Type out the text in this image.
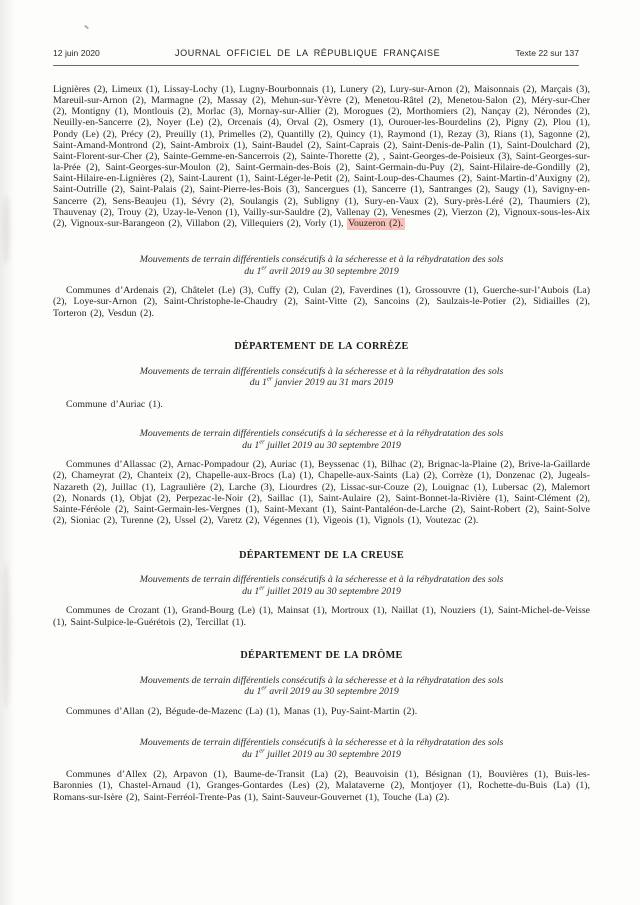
12 juin 2020	JOURNAL OFFICIEL DE LA RÉPUBLIQUE FRANÇAISE	Texte 22 sur 137

Lignières (2), Limeux (1), Lissay-Lochy (1), Lugny-Bourbonnais (1), Lunery (2), Lury-sur-Arnon (2), Maisonnais (2), Marçais (3), Mareuil-sur-Arnon (2), Marmagne (2), Massay (2), Mehun-sur-Yèvre (2), Menetou-Râtel (2), Menetou-Salon (2), Méry-sur-Cher (2), Montigny (1), Montlouis (2), Morlac (3), Mornay-sur-Allier (2), Morogues (2), Morthomiers (2), Nançay (2), Nérondes (2), Neuilly-en-Sancerre (2), Noyer (Le) (2), Orcenais (4), Orval (2), Osmery (1), Ourouer-les-Bourdelins (2), Pigny (2), Plou (1), Pondy (Le) (2), Précy (2), Preuilly (1), Primelles (2), Quantilly (2), Quincy (1), Raymond (1), Rezay (3), Rians (1), Sagonne (2), Saint-Amand-Montrond (2), Saint-Ambroix (1), Saint-Baudel (2), Saint-Caprais (2), Saint-Denis-de-Palin (1), Saint-Doulchard (2), Saint-Florent-sur-Cher (2), Sainte-Gemme-en-Sancerrois (2), Sainte-Thorette (2), , Saint-Georges-de-Poisieux (3), Saint-Georges-sur-la-Prée (2), Saint-Georges-sur-Moulon (2), Saint-Germain-des-Bois (2), Saint-Germain-du-Puy (2), Saint-Hilaire-de-Gondilly (2), Saint-Hilaire-en-Lignières (2), Saint-Laurent (1), Saint-Léger-le-Petit (2), Saint-Loup-des-Chaumes (2), Saint-Martin-d’Auxigny (2), Saint-Outrille (2), Saint-Palais (2), Saint-Pierre-les-Bois (3), Sancergues (1), Sancerre (1), Santranges (2), Saugy (1), Savigny-en-Sancerre (2), Sens-Beaujeu (1), Sévry (2), Soulangis (2), Subligny (1), Sury-en-Vaux (2), Sury-près-Léré (2), Thaumiers (2), Thauvenay (2), Trouy (2), Uzay-le-Venon (1), Vailly-sur-Sauldre (2), Vallenay (2), Venesmes (2), Vierzon (2), Vignoux-sous-les-Aix (2), Vignoux-sur-Barangeon (2), Villabon (2), Villequiers (2), Vorly (1), Vouzeron (2).

Mouvements de terrain différentiels consécutifs à la sécheresse et à la réhydratation des sols
du 1er avril 2019 au 30 septembre 2019

Communes d’Ardenais (2), Châtelet (Le) (3), Cuffy (2), Culan (2), Faverdines (1), Grossouvre (1), Guerche-sur-l’Aubois (La) (2), Loye-sur-Arnon (2), Saint-Christophe-le-Chaudry (2), Saint-Vitte (2), Sancoins (2), Saulzais-le-Potier (2), Sidiailles (2), Torteron (2), Vesdun (2).

DÉPARTEMENT DE LA CORRÈZE
Mouvements de terrain différentiels consécutifs à la sécheresse et à la réhydratation des sols
du 1er janvier 2019 au 31 mars 2019

Commune d’Auriac (1).

Mouvements de terrain différentiels consécutifs à la sécheresse et à la réhydratation des sols
du 1er juillet 2019 au 30 septembre 2019

Communes d’Allassac (2), Arnac-Pompadour (2), Auriac (1), Beyssenac (1), Bilhac (2), Brignac-la-Plaine (2), Brive-la-Gaillarde (2), Chameyrat (2), Chanteix (2), Chapelle-aux-Brocs (La) (1), Chapelle-aux-Saints (La) (2), Corrèze (1), Donzenac (2), Jugeals-Nazareth (2), Juillac (1), Lagraulière (2), Larche (3), Liourdres (2), Lissac-sur-Couze (2), Louignac (1), Lubersac (2), Malemort (2), Nonards (1), Objat (2), Perpezac-le-Noir (2), Saillac (1), Saint-Aulaire (2), Saint-Bonnet-la-Rivière (1), Saint-Clément (2), Sainte-Féréole (2), Saint-Germain-les-Vergnes (1), Saint-Mexant (1), Saint-Pantaléon-de-Larche (2), Saint-Robert (2), Saint-Solve (2), Sioniac (2), Turenne (2), Ussel (2), Varetz (2), Végennes (1), Vigeois (1), Vignols (1), Voutezac (2).

DÉPARTEMENT DE LA CREUSE
Mouvements de terrain différentiels consécutifs à la sécheresse et à la réhydratation des sols
du 1er juillet 2019 au 30 septembre 2019

Communes de Crozant (1), Grand-Bourg (Le) (1), Mainsat (1), Mortroux (1), Naillat (1), Nouziers (1), Saint-Michel-de-Veisse (1), Saint-Sulpice-le-Guérétois (2), Tercillat (1).

DÉPARTEMENT DE LA DRÔME
Mouvements de terrain différentiels consécutifs à la sécheresse et à la réhydratation des sols
du 1er avril 2019 au 30 septembre 2019

Communes d’Allan (2), Bégude-de-Mazenc (La) (1), Manas (1), Puy-Saint-Martin (2).

Mouvements de terrain différentiels consécutifs à la sécheresse et à la réhydratation des sols
du 1er juillet 2019 au 30 septembre 2019

Communes d’Allex (2), Arpavon (1), Baume-de-Transit (La) (2), Beauvoisin (1), Bésignan (1), Bouvières (1), Buis-les-Baronnies (1), Chastel-Arnaud (1), Granges-Gontardes (Les) (2), Malataverne (2), Montjoyer (1), Rochette-du-Buis (La) (1), Romans-sur-Isère (2), Saint-Ferréol-Trente-Pas (1), Saint-Sauveur-Gouvernet (1), Touche (La) (2).
